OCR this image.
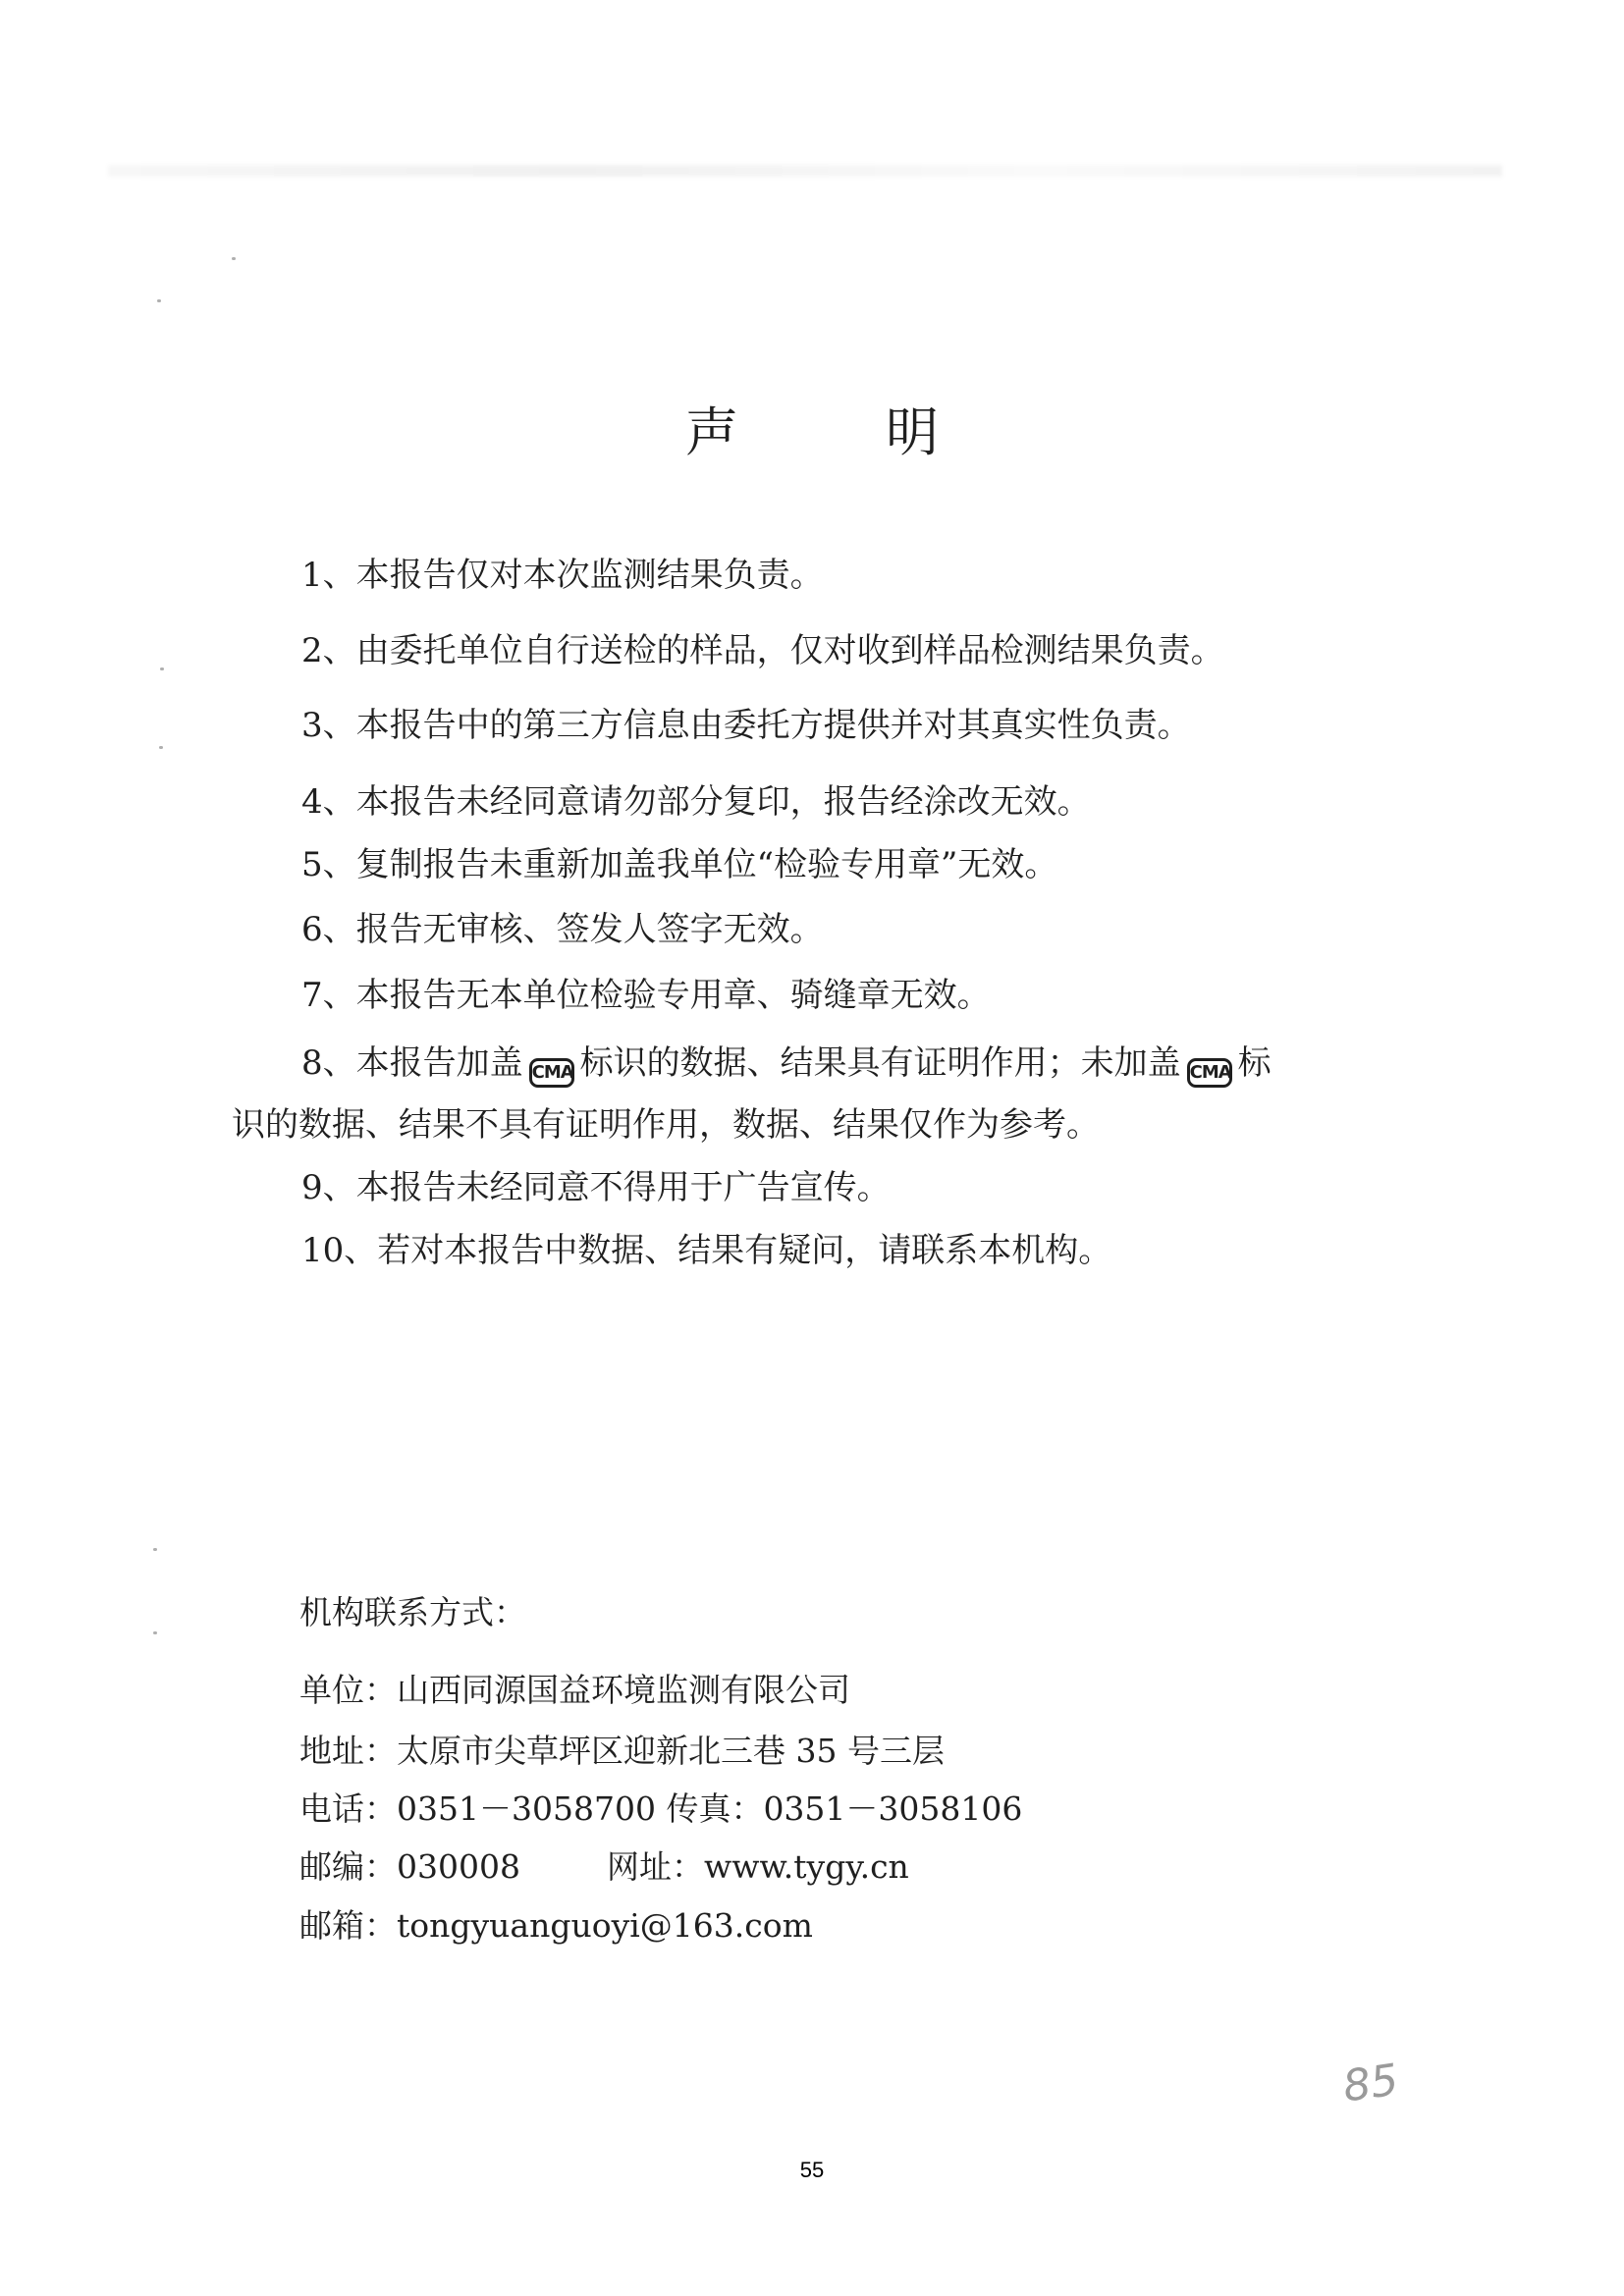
声明
1、本报告仅对本次监测结果负责。
2、由委托单位自行送检的样品，仅对收到样品检测结果负责。
3、本报告中的第三方信息由委托方提供并对其真实性负责。
4、本报告未经同意请勿部分复印，报告经涂改无效。
5、复制报告未重新加盖我单位“检验专用章”无效。
6、报告无审核、签发人签字无效。
7、本报告无本单位检验专用章、骑缝章无效。
8、本报告加盖 CMA 标识的数据、结果具有证明作用；未加盖 CMA 标
识的数据、结果不具有证明作用，数据、结果仅作为参考。
9、本报告未经同意不得用于广告宣传。
10、若对本报告中数据、结果有疑问，请联系本机构。
机构联系方式：
单位：山西同源国益环境监测有限公司
地址：太原市尖草坪区迎新北三巷 35 号三层
电话：0351－3058700 传真：0351－3058106
邮编：030008	网址：www.tygy.cn
邮箱：tongyuanguoyi@163.com
85
55
